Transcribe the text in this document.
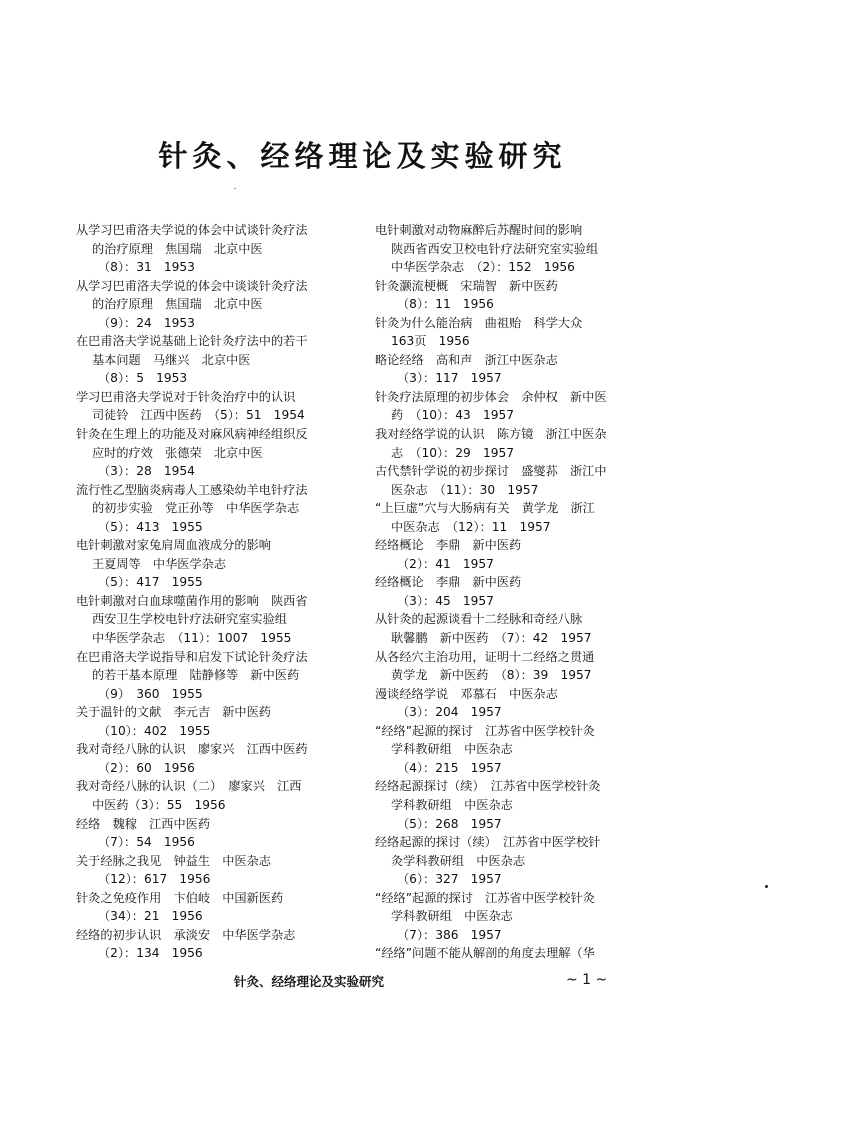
针灸、经络理论及实验研究
从学习巴甫洛夫学说的体会中试谈针灸疗法
的治疗原理　焦国瑞　北京中医
（8）：31　1953
从学习巴甫洛夫学说的体会中谈谈针灸疗法
的治疗原理　焦国瑞　北京中医
（9）：24　1953
在巴甫洛夫学说基础上论针灸疗法中的若干
基本问题　马继兴　北京中医
（8）：5　1953
学习巴甫洛夫学说对于针灸治疗中的认识
司徒铃　江西中医药　（5）：51　1954
针灸在生理上的功能及对麻风病神经组织反
应时的疗效　张德荣　北京中医
（3）：28　1954
流行性乙型脑炎病毒人工感染幼羊电针疗法
的初步实验　党正孙等　中华医学杂志
（5）：413　1955
电针刺激对家兔肩周血液成分的影响
王夏周等　中华医学杂志
（5）：417　1955
电针刺激对白血球噬菌作用的影响　陕西省
西安卫生学校电针疗法研究室实验组
中华医学杂志　（11）：1007　1955
在巴甫洛夫学说指导和启发下试论针灸疗法
的若干基本原理　陆静修等　新中医药
（9）　360　1955
关于温针的文献　李元吉　新中医药
（10）：402　1955
我对奇经八脉的认识　廖家兴　江西中医药
（2）：60　1956
我对奇经八脉的认识（二）　廖家兴　江西
中医药（3）：55　1956
经络　魏稼　江西中医药
（7）：54　1956
关于经脉之我见　钟益生　中医杂志
（12）：617　1956
针灸之免疫作用　卞伯岐　中国新医药
（34）：21　1956
经络的初步认识　承淡安　中华医学杂志
（2）：134　1956
电针刺激对动物麻醉后苏醒时间的影响
陕西省西安卫校电针疗法研究室实验组
中华医学杂志　（2）：152　1956
针灸灏流梗概　宋瑞智　新中医药
（8）：11　1956
针灸为什么能治病　曲祖贻　科学大众
163页　1956
略论经络　高和声　浙江中医杂志
（3）：117　1957
针灸疗法原理的初步体会　余仲权　新中医
药　（10）：43　1957
我对经络学说的认识　陈方镜　浙江中医杂
志　（10）：29　1957
古代禁针学说的初步探讨　盛燮荪　浙江中
医杂志　（11）：30　1957
“上巨虚”穴与大肠病有关　黄学龙　浙江
中医杂志　（12）：11　1957
经络概论　李鼎　新中医药
（2）：41　1957
经络概论　李鼎　新中医药
（3）：45　1957
从针灸的起源谈看十二经脉和奇经八脉
耿馨鹏　新中医药　（7）：42　1957
从各经穴主治功用，证明十二经络之贯通
黄学龙　新中医药　（8）：39　1957
漫谈经络学说　邓慕石　中医杂志
（3）：204　1957
“经络”起源的探讨　江苏省中医学校针灸
学科教研组　中医杂志
（4）：215　1957
经络起源探讨（续）　江苏省中医学校针灸
学科教研组　中医杂志
（5）：268　1957
经络起源的探讨（续）　江苏省中医学校针
灸学科教研组　中医杂志
（6）：327　1957
“经络”起源的探讨　江苏省中医学校针灸
学科教研组　中医杂志
（7）：386　1957
“经络”问题不能从解剖的角度去理解（华
针灸、经络理论及实验研究	~ 1 ~
